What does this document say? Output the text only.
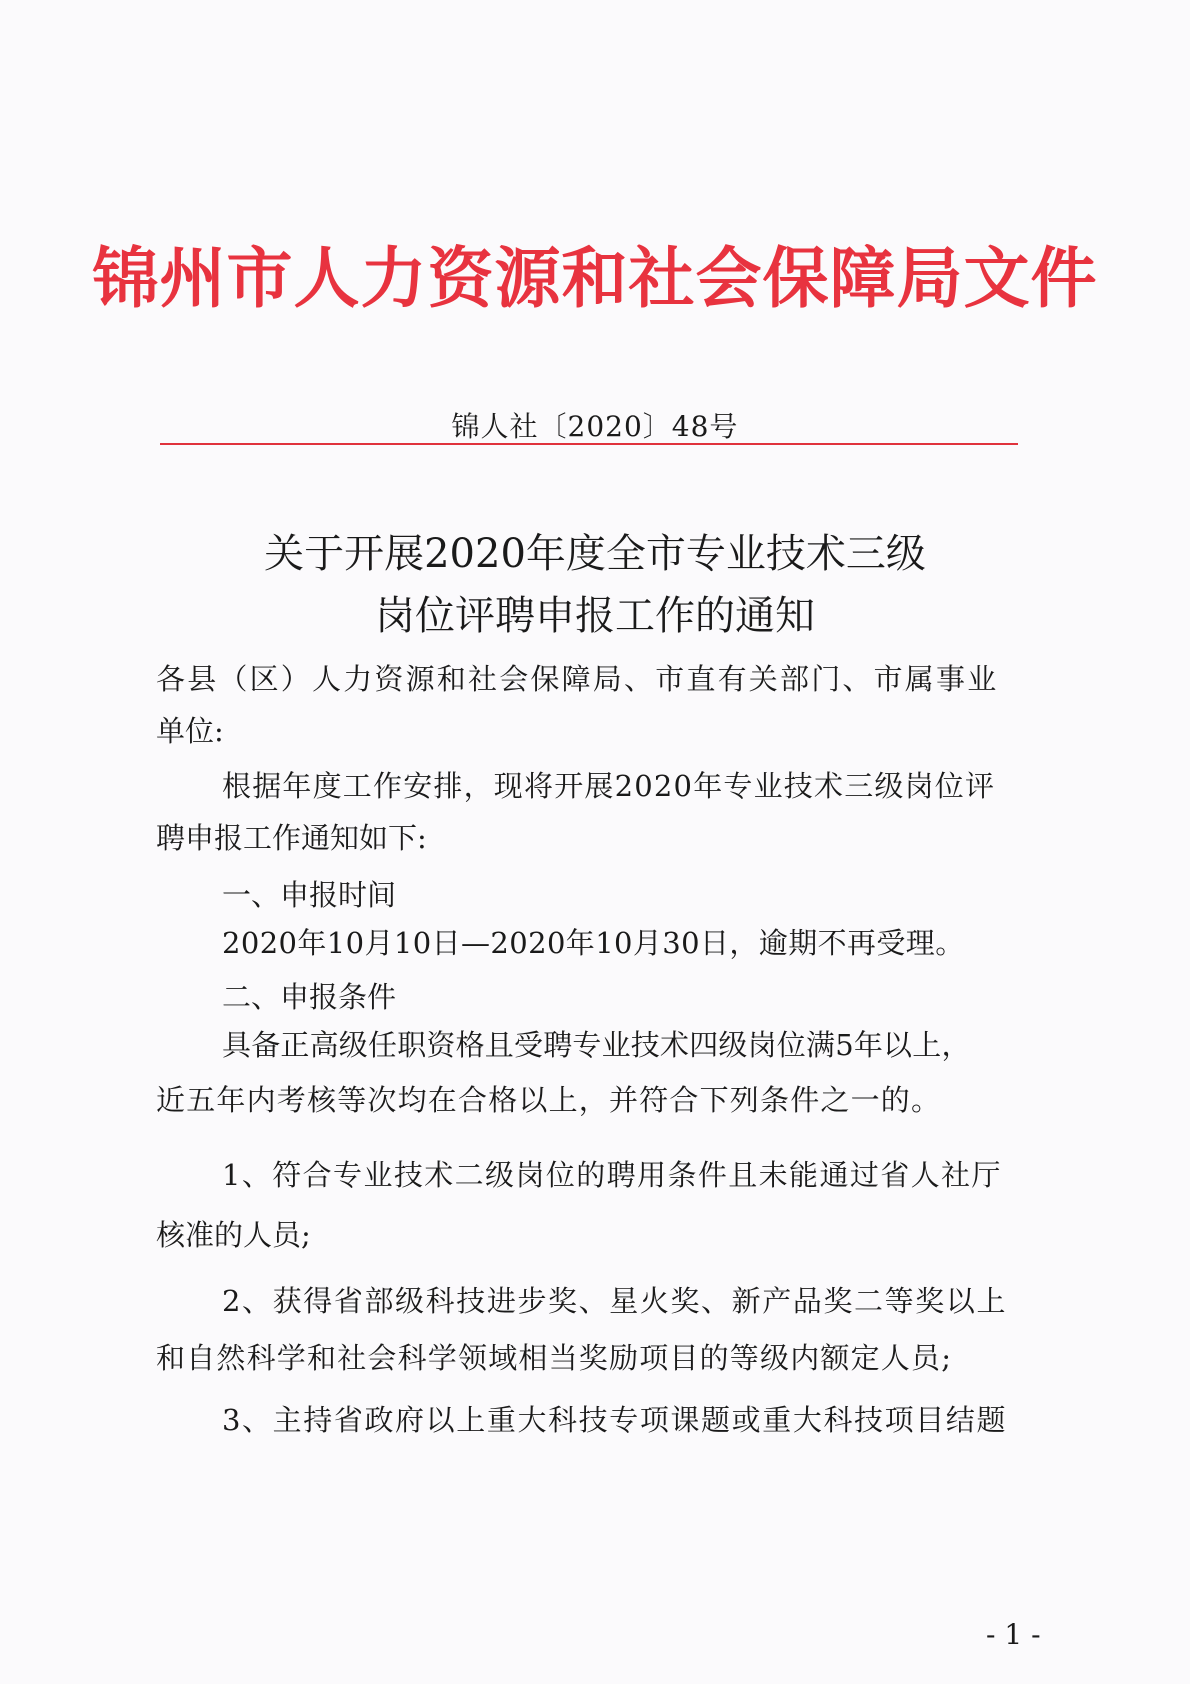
锦州市人力资源和社会保障局文件
锦人社〔2020〕48号
关于开展2020年度全市专业技术三级
岗位评聘申报工作的通知
各县（区）人力资源和社会保障局、市直有关部门、市属事业
单位:
根据年度工作安排，现将开展2020年专业技术三级岗位评
聘申报工作通知如下:
一、申报时间
2020年10月10日—2020年10月30日，逾期不再受理。
二、申报条件
具备正高级任职资格且受聘专业技术四级岗位满5年以上，
近五年内考核等次均在合格以上，并符合下列条件之一的。
1、符合专业技术二级岗位的聘用条件且未能通过省人社厅
核准的人员;
2、获得省部级科技进步奖、星火奖、新产品奖二等奖以上
和自然科学和社会科学领域相当奖励项目的等级内额定人员;
3、主持省政府以上重大科技专项课题或重大科技项目结题
- 1 -
